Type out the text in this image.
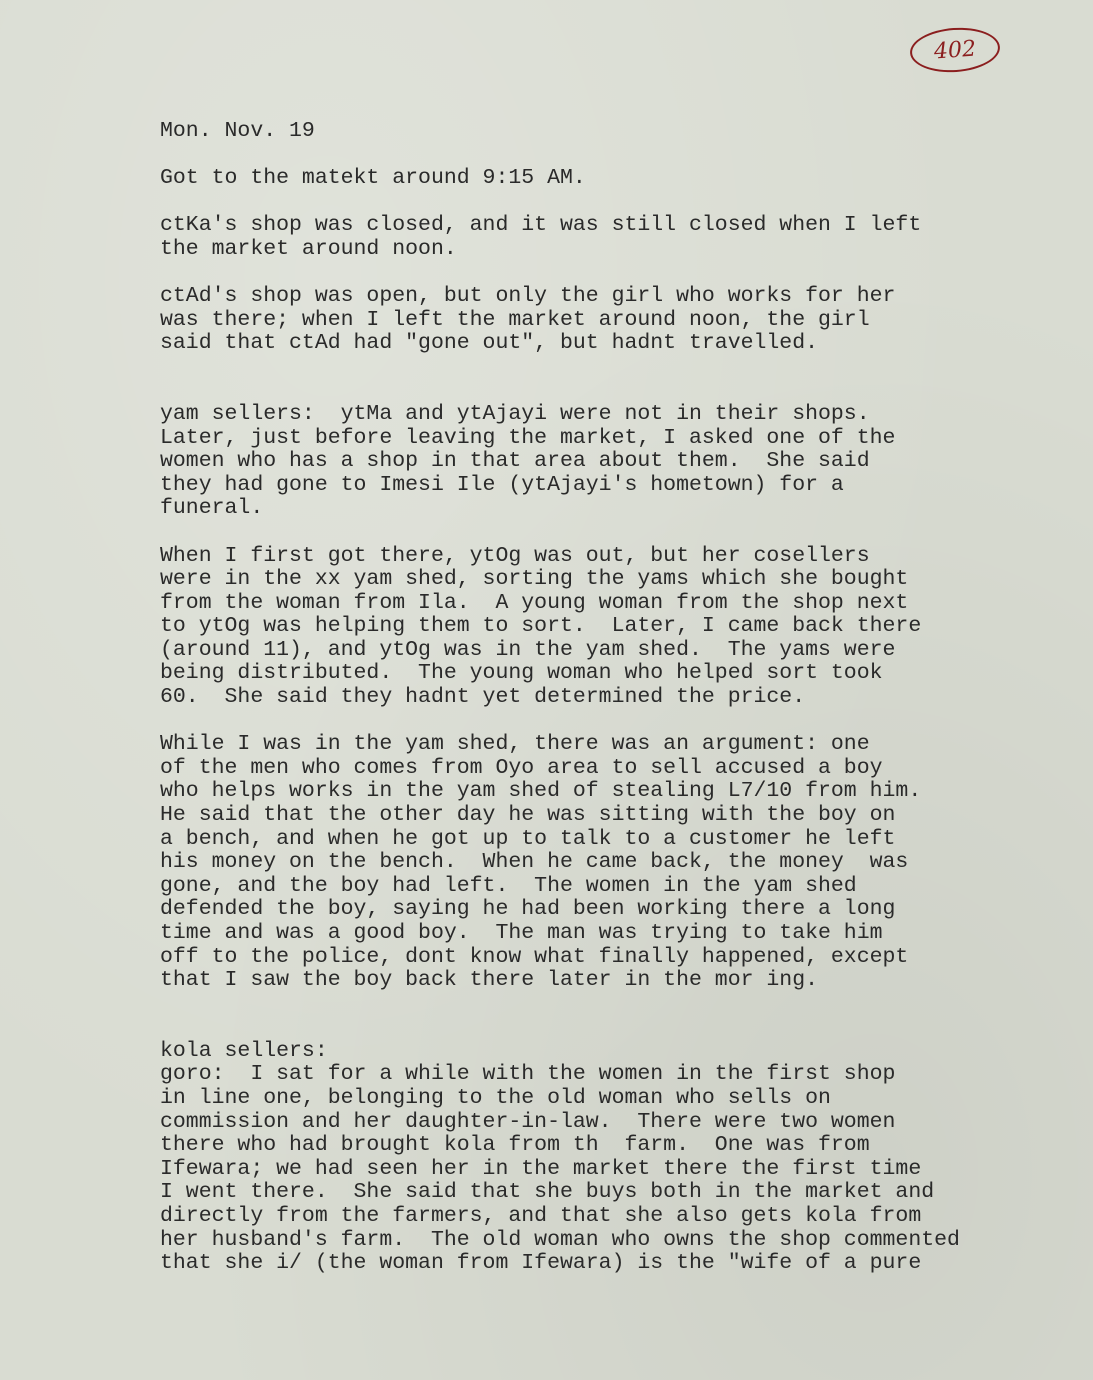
402
Mon. Nov. 19
Got to the matekt around 9:15 AM.
ctKa's shop was closed, and it was still closed when I left
the market around noon.
ctAd's shop was open, but only the girl who works for her
was there; when I left the market around noon, the girl
said that ctAd had "gone out", but hadnt travelled.
yam sellers:  ytMa and ytAjayi were not in their shops.
Later, just before leaving the market, I asked one of the
women who has a shop in that area about them.  She said
they had gone to Imesi Ile (ytAjayi's hometown) for a
funeral.
When I first got there, ytOg was out, but her cosellers
were in the xx yam shed, sorting the yams which she bought
from the woman from Ila.  A young woman from the shop next
to ytOg was helping them to sort.  Later, I came back there
(around 11), and ytOg was in the yam shed.  The yams were
being distributed.  The young woman who helped sort took
60.  She said they hadnt yet determined the price.
While I was in the yam shed, there was an argument: one
of the men who comes from Oyo area to sell accused a boy
who helps works in the yam shed of stealing L7/10 from him.
He said that the other day he was sitting with the boy on
a bench, and when he got up to talk to a customer he left
his money on the bench.  When he came back, the money  was
gone, and the boy had left.  The women in the yam shed
defended the boy, saying he had been working there a long
time and was a good boy.  The man was trying to take him
off to the police, dont know what finally happened, except
that I saw the boy back there later in the mor ing.
kola sellers:
goro:  I sat for a while with the women in the first shop
in line one, belonging to the old woman who sells on
commission and her daughter-in-law.  There were two women
there who had brought kola from th  farm.  One was from
Ifewara; we had seen her in the market there the first time
I went there.  She said that she buys both in the market and
directly from the farmers, and that she also gets kola from
her husband's farm.  The old woman who owns the shop commented
that she i/ (the woman from Ifewara) is the "wife of a pure
